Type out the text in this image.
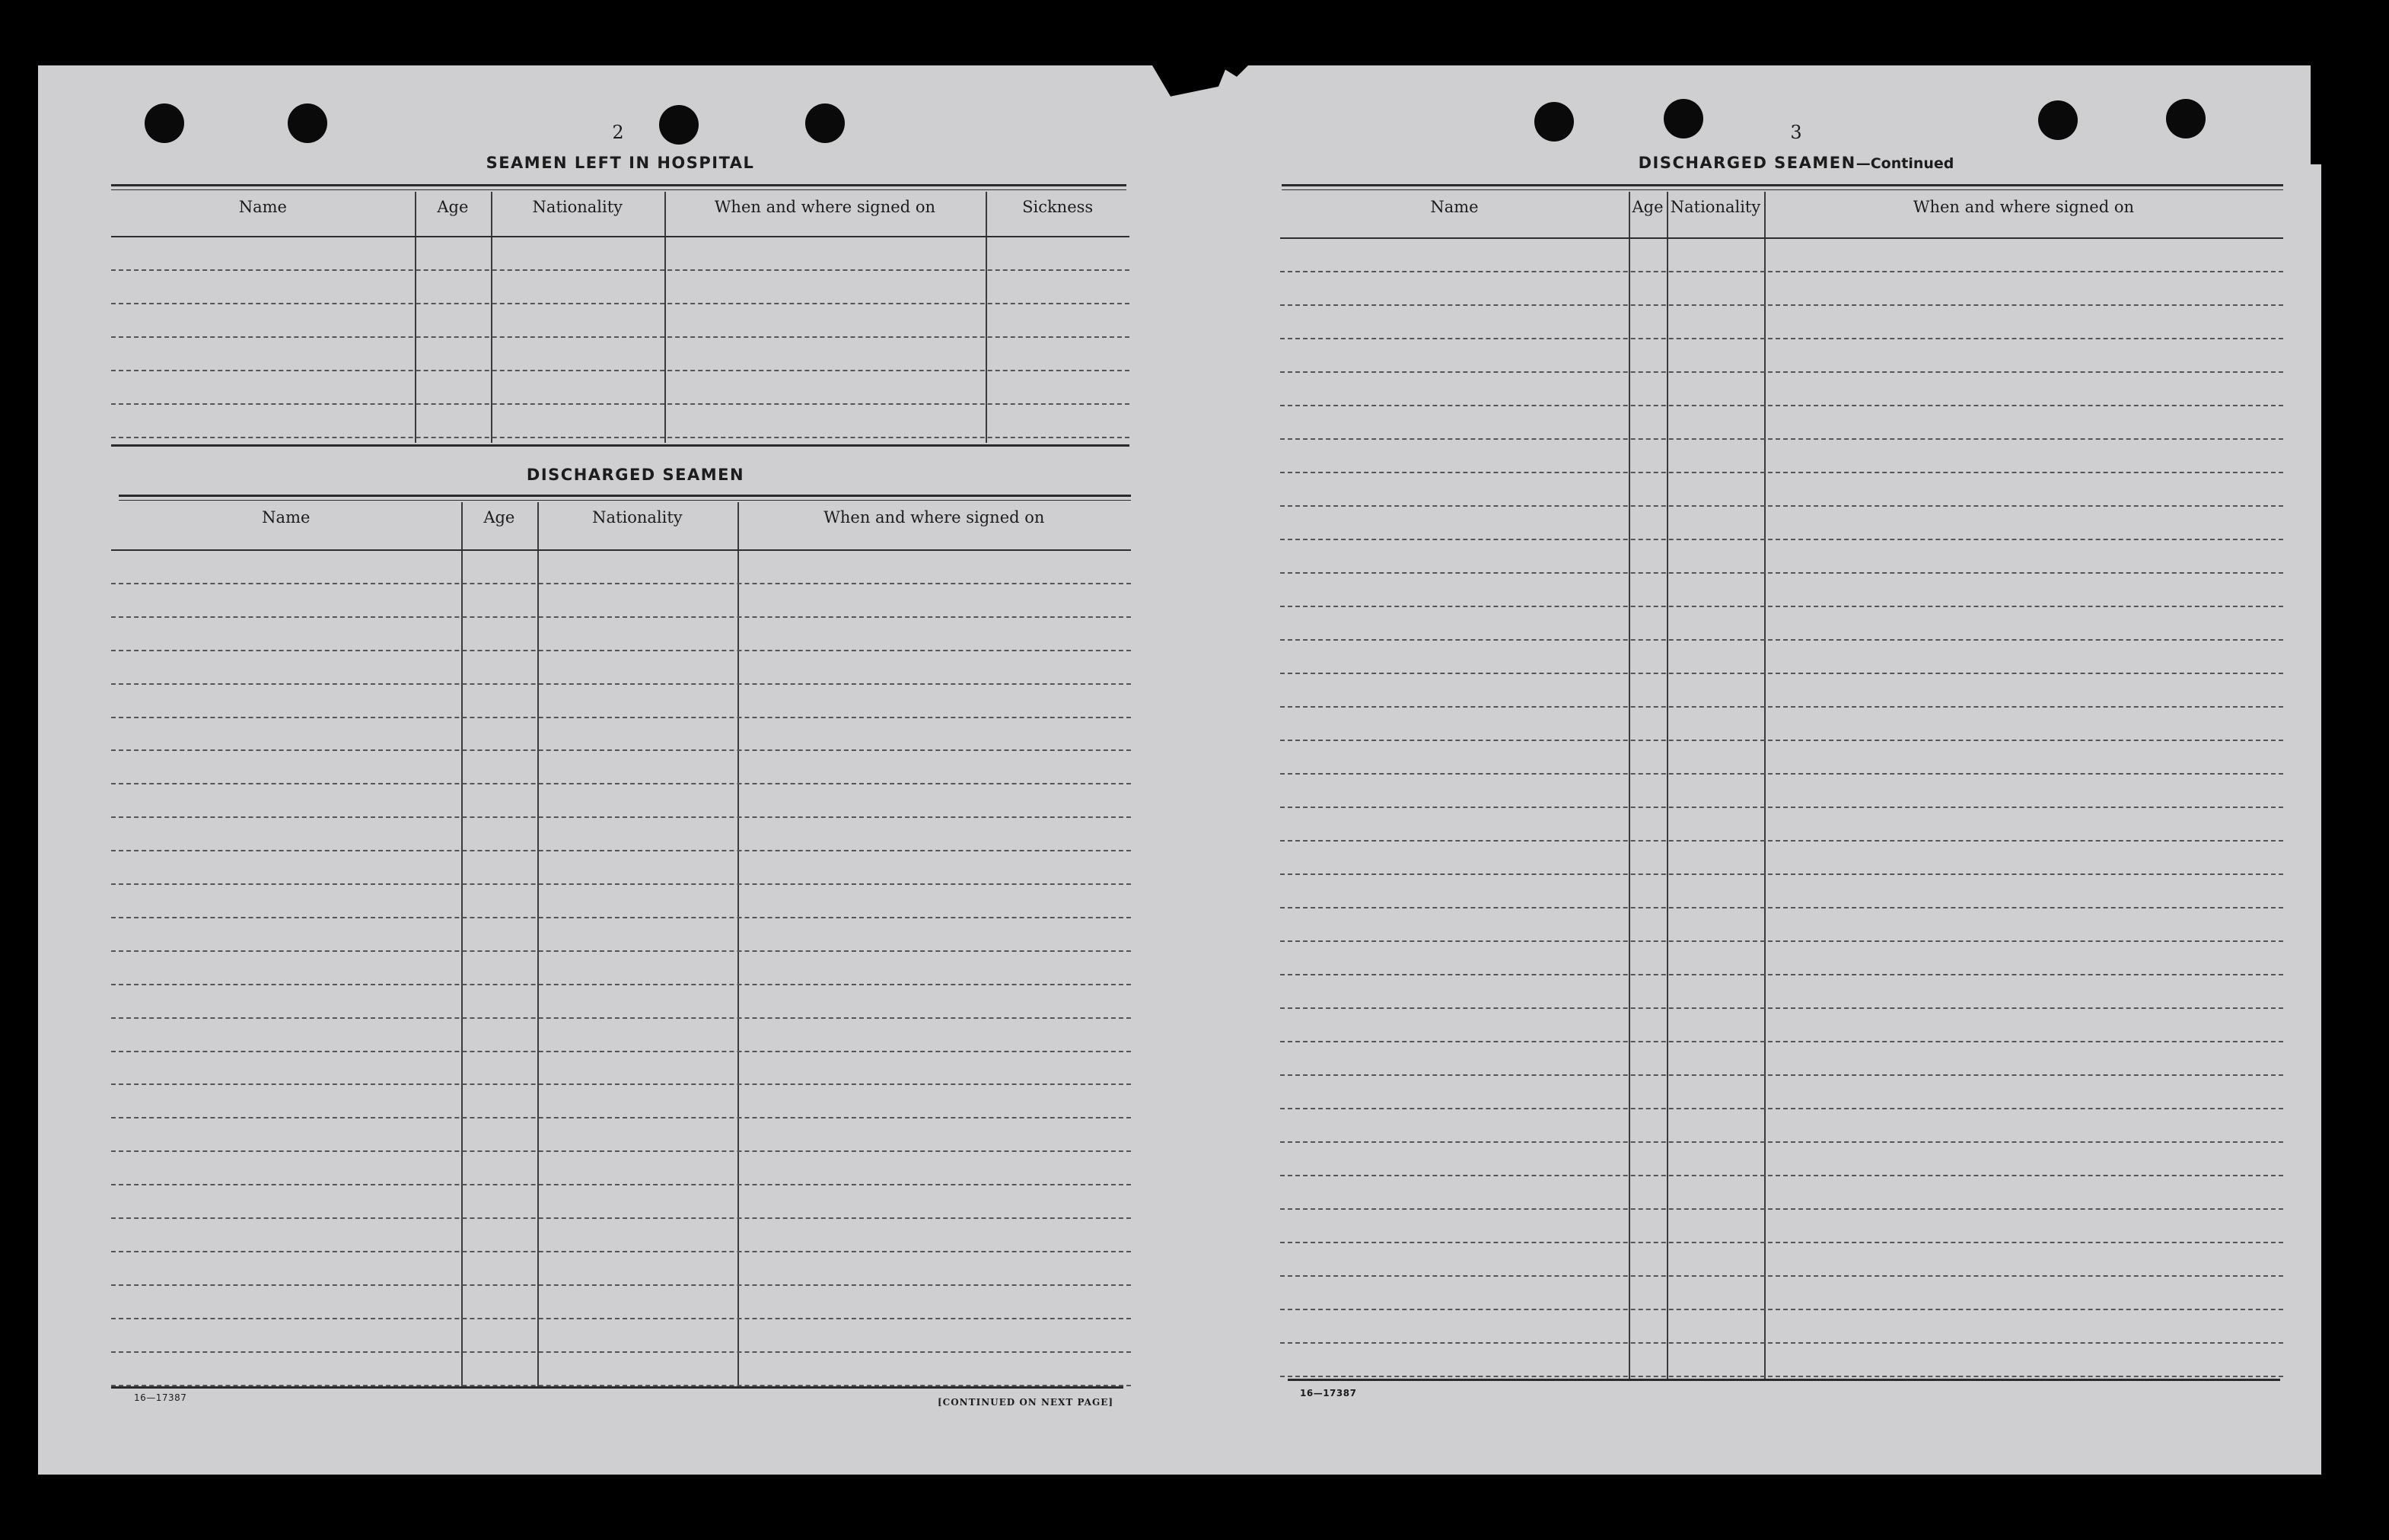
2
SEAMEN LEFT IN HOSPITAL
Name	Age	Nationality	When and where signed on	Sickness
DISCHARGED SEAMEN
Name	Age	Nationality	When and where signed on
16—17387	[CONTINUED ON NEXT PAGE]
3
DISCHARGED SEAMEN—Continued
Name	Age Nationality	When and where signed on
16—17387
